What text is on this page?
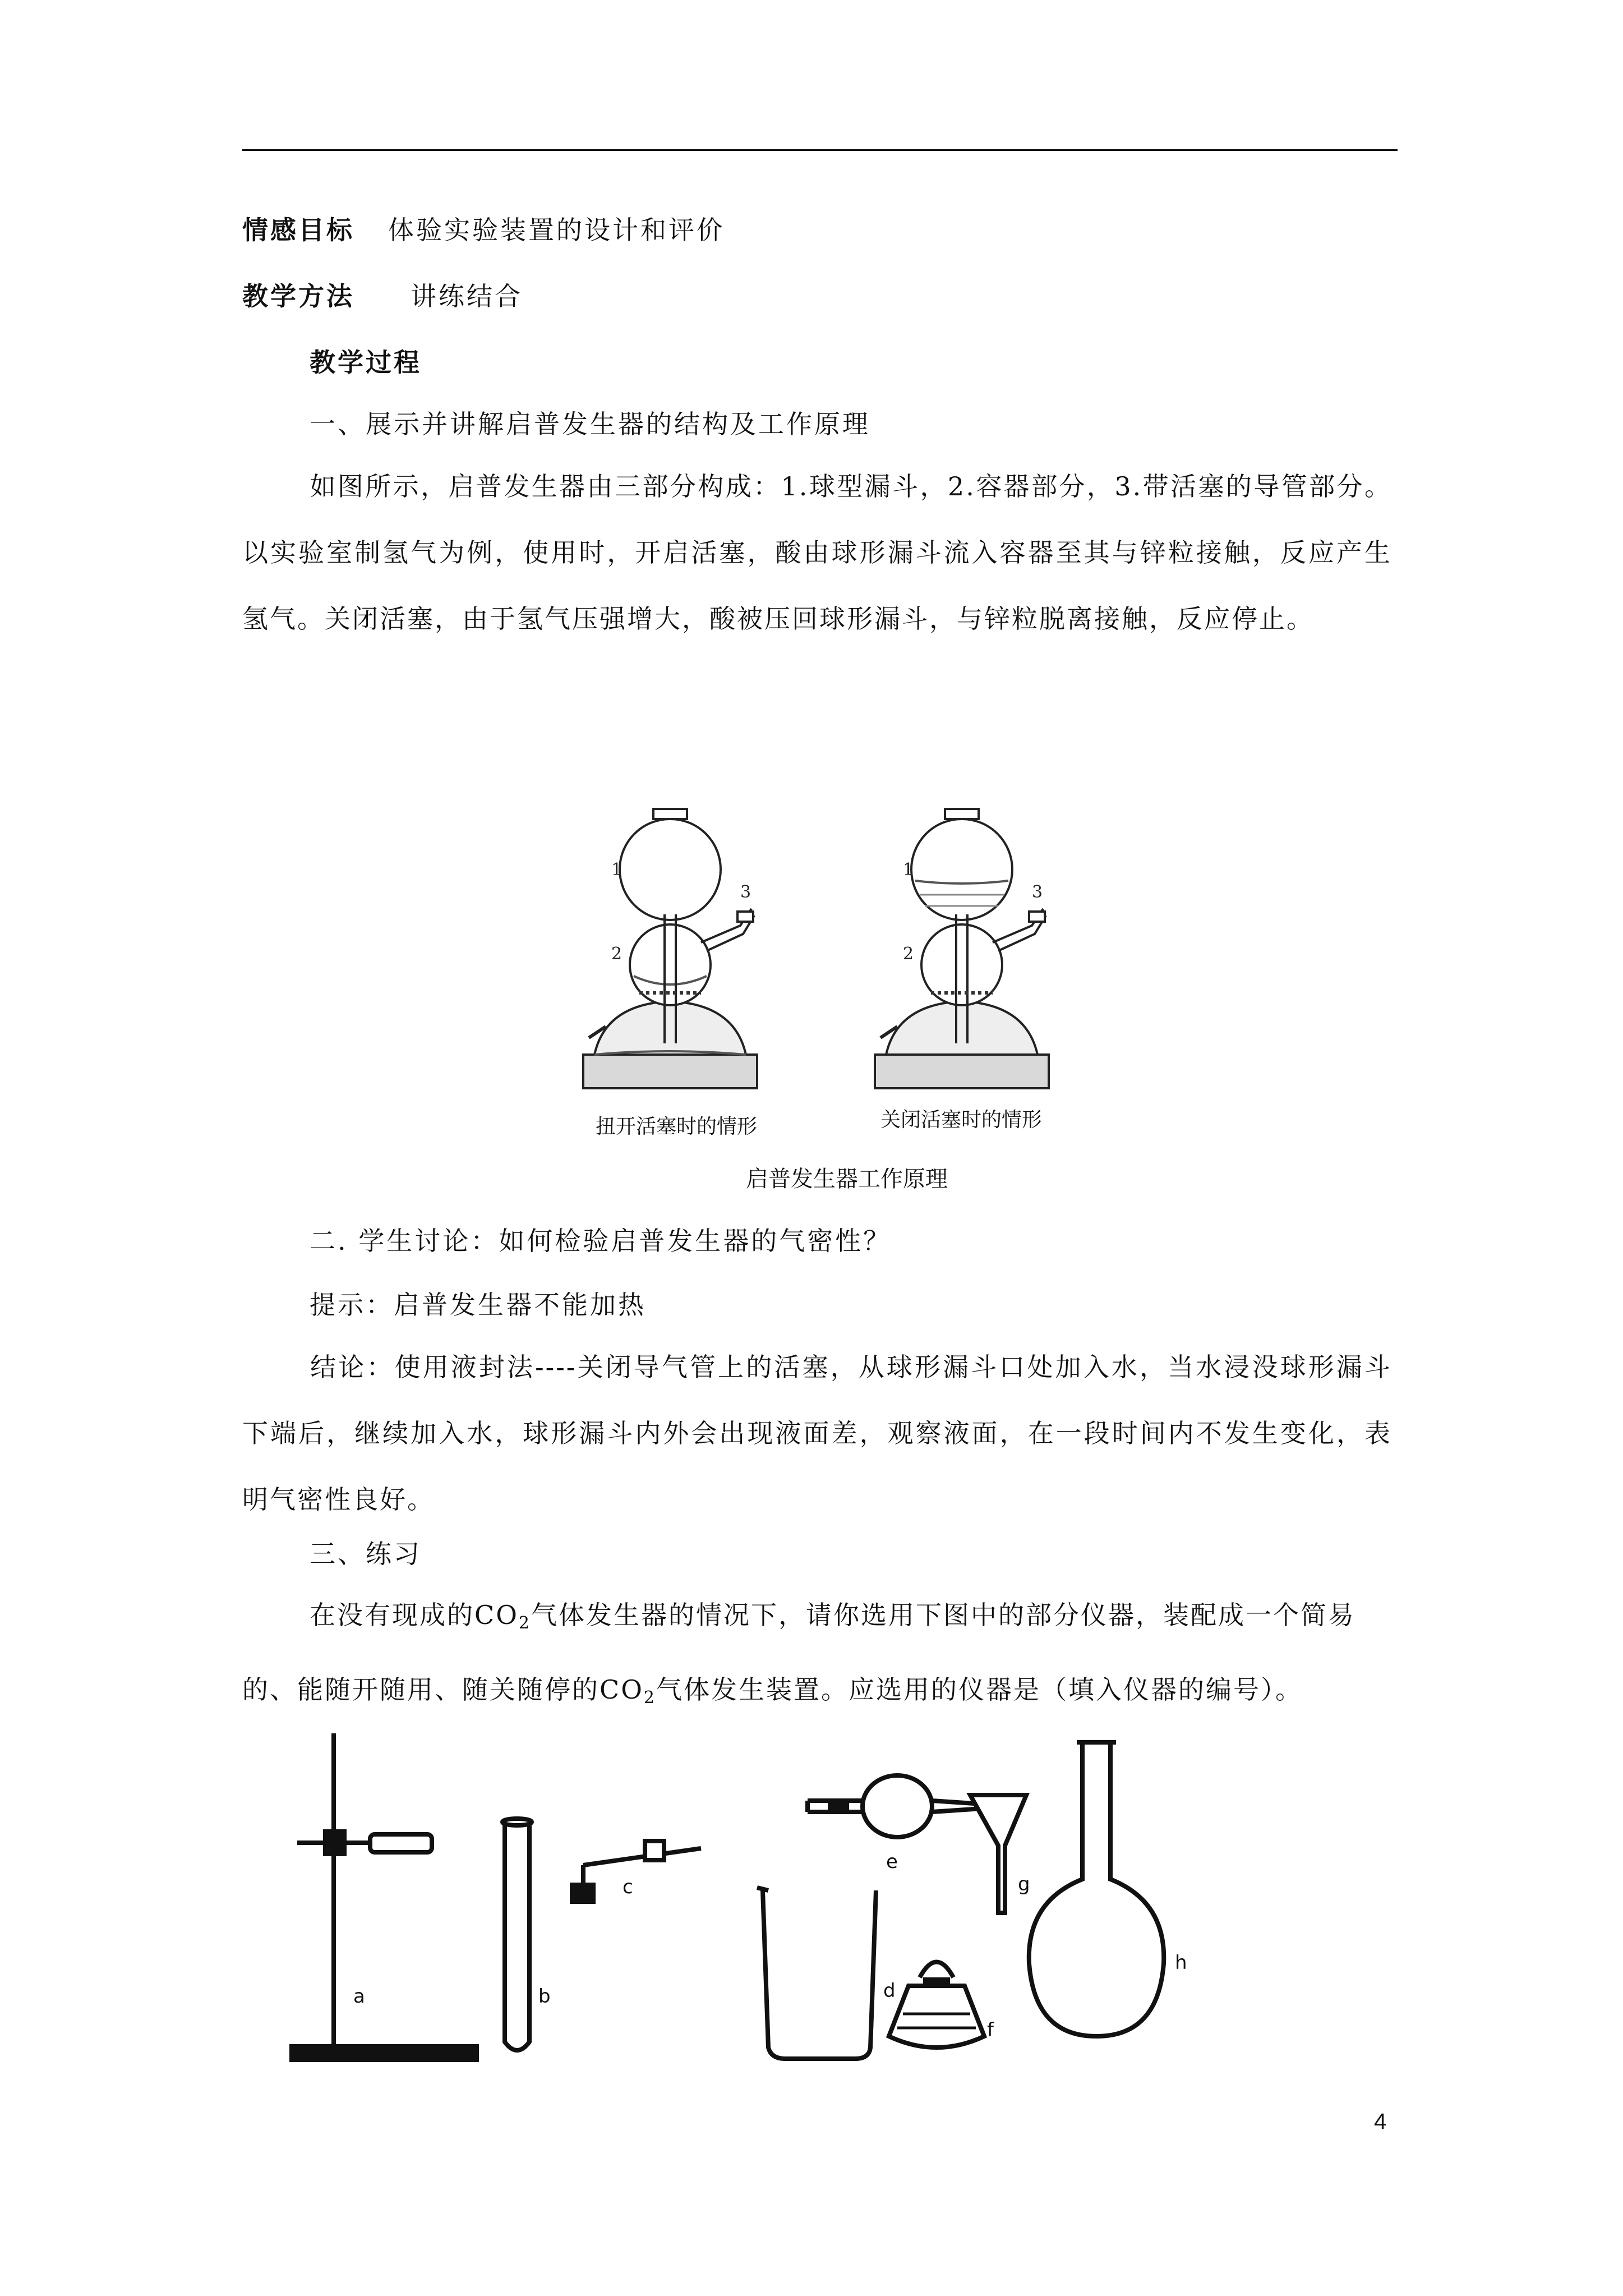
情感目标 体验实验装置的设计和评价
教学方法 讲练结合
教学过程
一、展示并讲解启普发生器的结构及工作原理
如图所示，启普发生器由三部分构成：1.球型漏斗，2.容器部分，3.带活塞的导管部分。以实验室制氢气为例，使用时，开启活塞，酸由球形漏斗流入容器至其与锌粒接触，反应产生氢气。关闭活塞，由于氢气压强增大，酸被压回球形漏斗，与锌粒脱离接触，反应停止。
1
2
3
1
2
3
扭开活塞时的情形	关闭活塞时的情形
启普发生器工作原理
二. 学生讨论：如何检验启普发生器的气密性？
提示：启普发生器不能加热
结论：使用液封法----关闭导气管上的活塞，从球形漏斗口处加入水，当水浸没球形漏斗下端后，继续加入水，球形漏斗内外会出现液面差，观察液面，在一段时间内不发生变化，表明气密性良好。
三、练习
在没有现成的$CO_2$气体发生器的情况下，请你选用下图中的部分仪器，装配成一个简易的、能随开随用、随关随停的$CO_2$气体发生装置。应选用的仪器是（填入仪器的编号）。
a	b
c
d
e
f
g
h
4
